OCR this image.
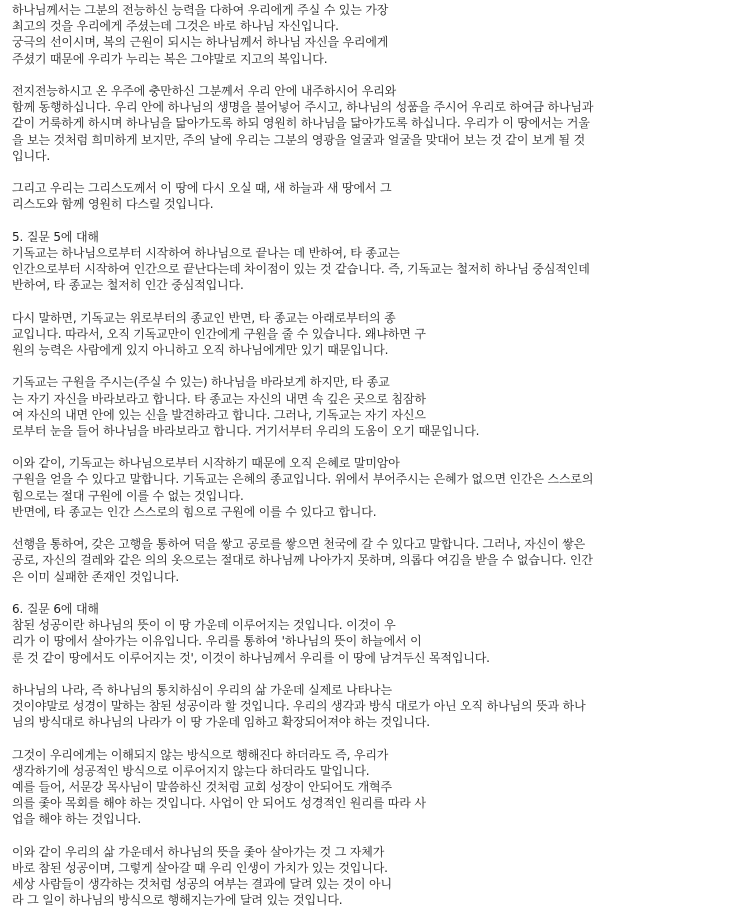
하나님께서는 그분의 전능하신 능력을 다하여 우리에게 주실 수 있는 가장
최고의 것을 우리에게 주셨는데 그것은 바로 하나님 자신입니다.
궁극의 선이시며, 복의 근원이 되시는 하나님께서 하나님 자신을 우리에게
주셨기 때문에 우리가 누리는 복은 그야말로 지고의 복입니다.
전지전능하시고 온 우주에 충만하신 그분께서 우리 안에 내주하시어 우리와
함께 동행하십니다. 우리 안에 하나님의 생명을 불어넣어 주시고, 하나님의 성품을 주시어 우리로 하여금 하나님과
같이 거룩하게 하시며 하나님을 닮아가도록 하되 영원히 하나님을 닮아가도록 하십니다. 우리가 이 땅에서는 거울
을 보는 것처럼 희미하게 보지만, 주의 날에 우리는 그분의 영광을 얼굴과 얼굴을 맞대어 보는 것 같이 보게 될 것
입니다.
그리고 우리는 그리스도께서 이 땅에 다시 오실 때, 새 하늘과 새 땅에서 그
리스도와 함께 영원히 다스릴 것입니다.
5. 질문 5에 대해
기독교는 하나님으로부터 시작하여 하나님으로 끝나는 데 반하여, 타 종교는
인간으로부터 시작하여 인간으로 끝난다는데 차이점이 있는 것 같습니다. 즉, 기독교는 철저히 하나님 중심적인데
반하여, 타 종교는 철저히 인간 중심적입니다.
다시 말하면, 기독교는 위로부터의 종교인 반면, 타 종교는 아래로부터의 종
교입니다. 따라서, 오직 기독교만이 인간에게 구원을 줄 수 있습니다. 왜냐하면 구
원의 능력은 사람에게 있지 아니하고 오직 하나님에게만 있기 때문입니다.
기독교는 구원을 주시는(주실 수 있는) 하나님을 바라보게 하지만, 타 종교
는 자기 자신을 바라보라고 합니다. 타 종교는 자신의 내면 속 깊은 곳으로 침잠하
여 자신의 내면 안에 있는 신을 발견하라고 합니다. 그러나, 기독교는 자기 자신으
로부터 눈을 들어 하나님을 바라보라고 합니다. 거기서부터 우리의 도움이 오기 때문입니다.
이와 같이, 기독교는 하나님으로부터 시작하기 때문에 오직 은혜로 말미암아
구원을 얻을 수 있다고 말합니다. 기독교는 은혜의 종교입니다. 위에서 부어주시는 은혜가 없으면 인간은 스스로의
힘으로는 절대 구원에 이를 수 없는 것입니다.
반면에, 타 종교는 인간 스스로의 힘으로 구원에 이를 수 있다고 합니다.
선행을 통하여, 갖은 고행을 통하여 덕을 쌓고 공로를 쌓으면 천국에 갈 수 있다고 말합니다. 그러나, 자신이 쌓은
공로, 자신의 걸레와 같은 의의 옷으로는 절대로 하나님께 나아가지 못하며, 의롭다 여김을 받을 수 없습니다. 인간
은 이미 실패한 존재인 것입니다.
6. 질문 6에 대해
참된 성공이란 하나님의 뜻이 이 땅 가운데 이루어지는 것입니다. 이것이 우
리가 이 땅에서 살아가는 이유입니다. 우리를 통하여 '하나님의 뜻이 하늘에서 이
룬 것 같이 땅에서도 이루어지는 것', 이것이 하나님께서 우리를 이 땅에 남겨두신 목적입니다.
하나님의 나라, 즉 하나님의 통치하심이 우리의 삶 가운데 실제로 나타나는
것이야말로 성경이 말하는 참된 성공이라 할 것입니다. 우리의 생각과 방식 대로가 아닌 오직 하나님의 뜻과 하나
님의 방식대로 하나님의 나라가 이 땅 가운데 임하고 확장되어져야 하는 것입니다.
그것이 우리에게는 이해되지 않는 방식으로 행해진다 하더라도 즉, 우리가
생각하기에 성공적인 방식으로 이루어지지 않는다 하더라도 말입니다.
예를 들어, 서문강 목사님이 말씀하신 것처럼 교회 성장이 안되어도 개혁주
의를 좇아 목회를 해야 하는 것입니다. 사업이 안 되어도 성경적인 원리를 따라 사
업을 해야 하는 것입니다.
이와 같이 우리의 삶 가운데서 하나님의 뜻을 좇아 살아가는 것 그 자체가
바로 참된 성공이며, 그렇게 살아갈 때 우리 인생이 가치가 있는 것입니다.
세상 사람들이 생각하는 것처럼 성공의 여부는 결과에 달려 있는 것이 아니
라 그 일이 하나님의 방식으로 행해지는가에 달려 있는 것입니다.
